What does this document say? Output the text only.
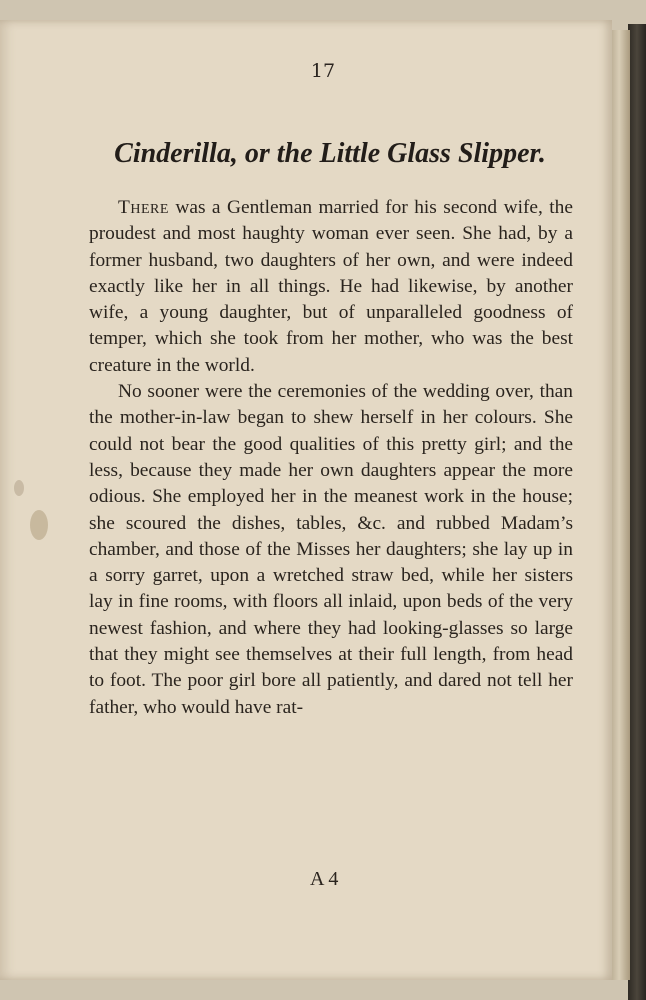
17
Cinderilla, or the Little Glass Slipper.

There was a Gentleman married for his second wife, the proudest and most haughty woman ever seen. She had, by a former husband, two daughters of her own, and were indeed exactly like her in all things. He had likewise, by another wife, a young daughter, but of unparalleled goodness of temper, which she took from her mother, who was the best creature in the world.

No sooner were the ceremonies of the wedding over, than the mother-in-law began to shew herself in her colours. She could not bear the good qualities of this pretty girl; and the less, because they made her own daughters appear the more odious. She employed her in the meanest work in the house; she scoured the dishes, tables, &c. and rubbed Madam’s chamber, and those of the Misses her daughters; she lay up in a sorry garret, upon a wretched straw bed, while her sisters lay in fine rooms, with floors all inlaid, upon beds of the very newest fashion, and where they had looking-glasses so large that they might see themselves at their full length, from head to foot. The poor girl bore all patiently, and dared not tell her father, who would have rat-

A 4
